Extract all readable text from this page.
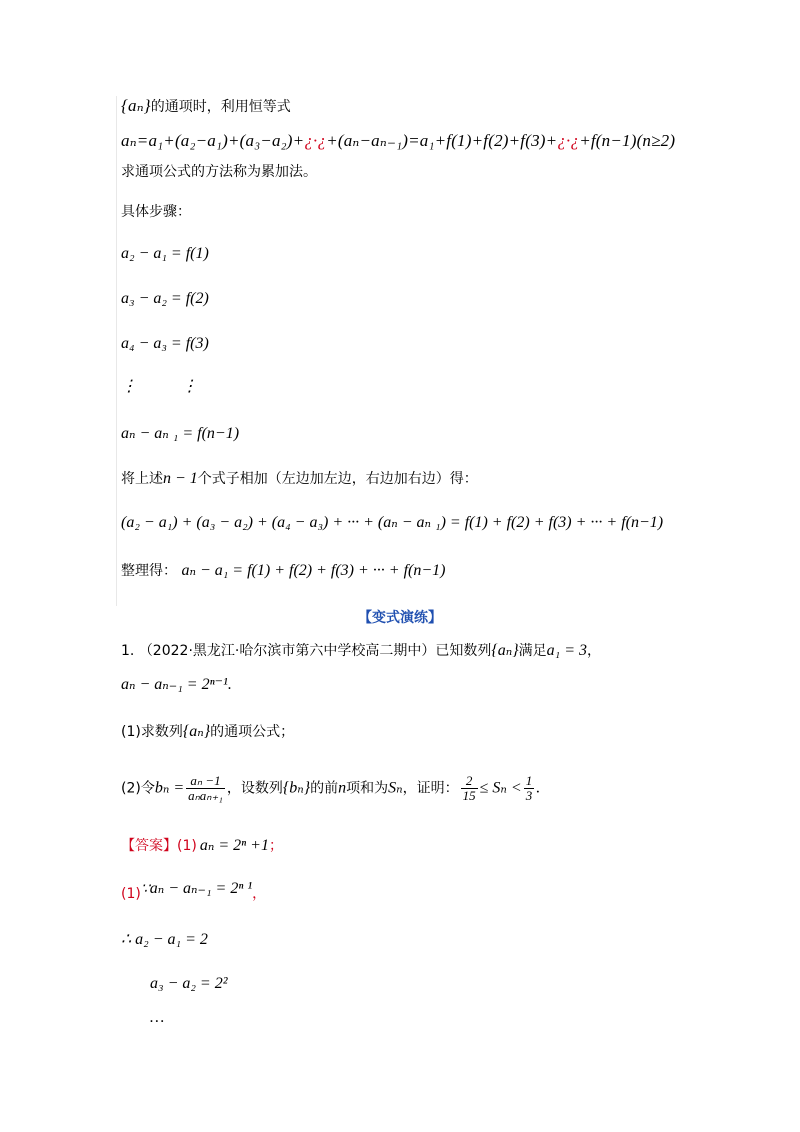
{aₙ}的通项时，利用恒等式
aₙ=a₁+(a₂−a₁)+(a₃−a₂)+¿·¿+(aₙ−aₙ₋₁)=a₁+f(1)+f(2)+f(3)+¿·¿+f(n−1)(n≥2)
求通项公式的方法称为累加法。
具体步骤：
a₂ − a₁ = f(1)
a₃ − a₂ = f(2)
a₄ − a₃ = f(3)
⋮	⋮
aₙ − aₙ ₁ = f(n−1)
将上述n − 1个式子相加（左边加左边，右边加右边）得：
(a₂ − a₁) + (a₃ − a₂) + (a₄ − a₃) + ··· + (aₙ − aₙ ₁) = f(1) + f(2) + f(3) + ··· + f(n−1)
整理得： aₙ − a₁ = f(1) + f(2) + f(3) + ··· + f(n−1)
【变式演练】
1. （2022·黑龙江·哈尔滨市第六中学校高二期中）已知数列{aₙ}满足a₁ = 3，
aₙ − aₙ₋₁ = 2ⁿ⁻¹.
(1)求数列{aₙ}的通项公式；
(2)令$b_n = \frac{\text{aₙ −1}}{\text{aₙaₙ₊₁}}$ ，设数列{bₙ}的前n项和为Sₙ，证明： $\frac{2}{15} \le S_n < \frac{1}{3}$ .
【答案】(1) aₙ = 2ⁿ +1；
(1)∵aₙ − aₙ₋₁ = 2ⁿ ¹，
∴ a₂ − a₁ = 2
a₃ − a₂ = 2²
…
